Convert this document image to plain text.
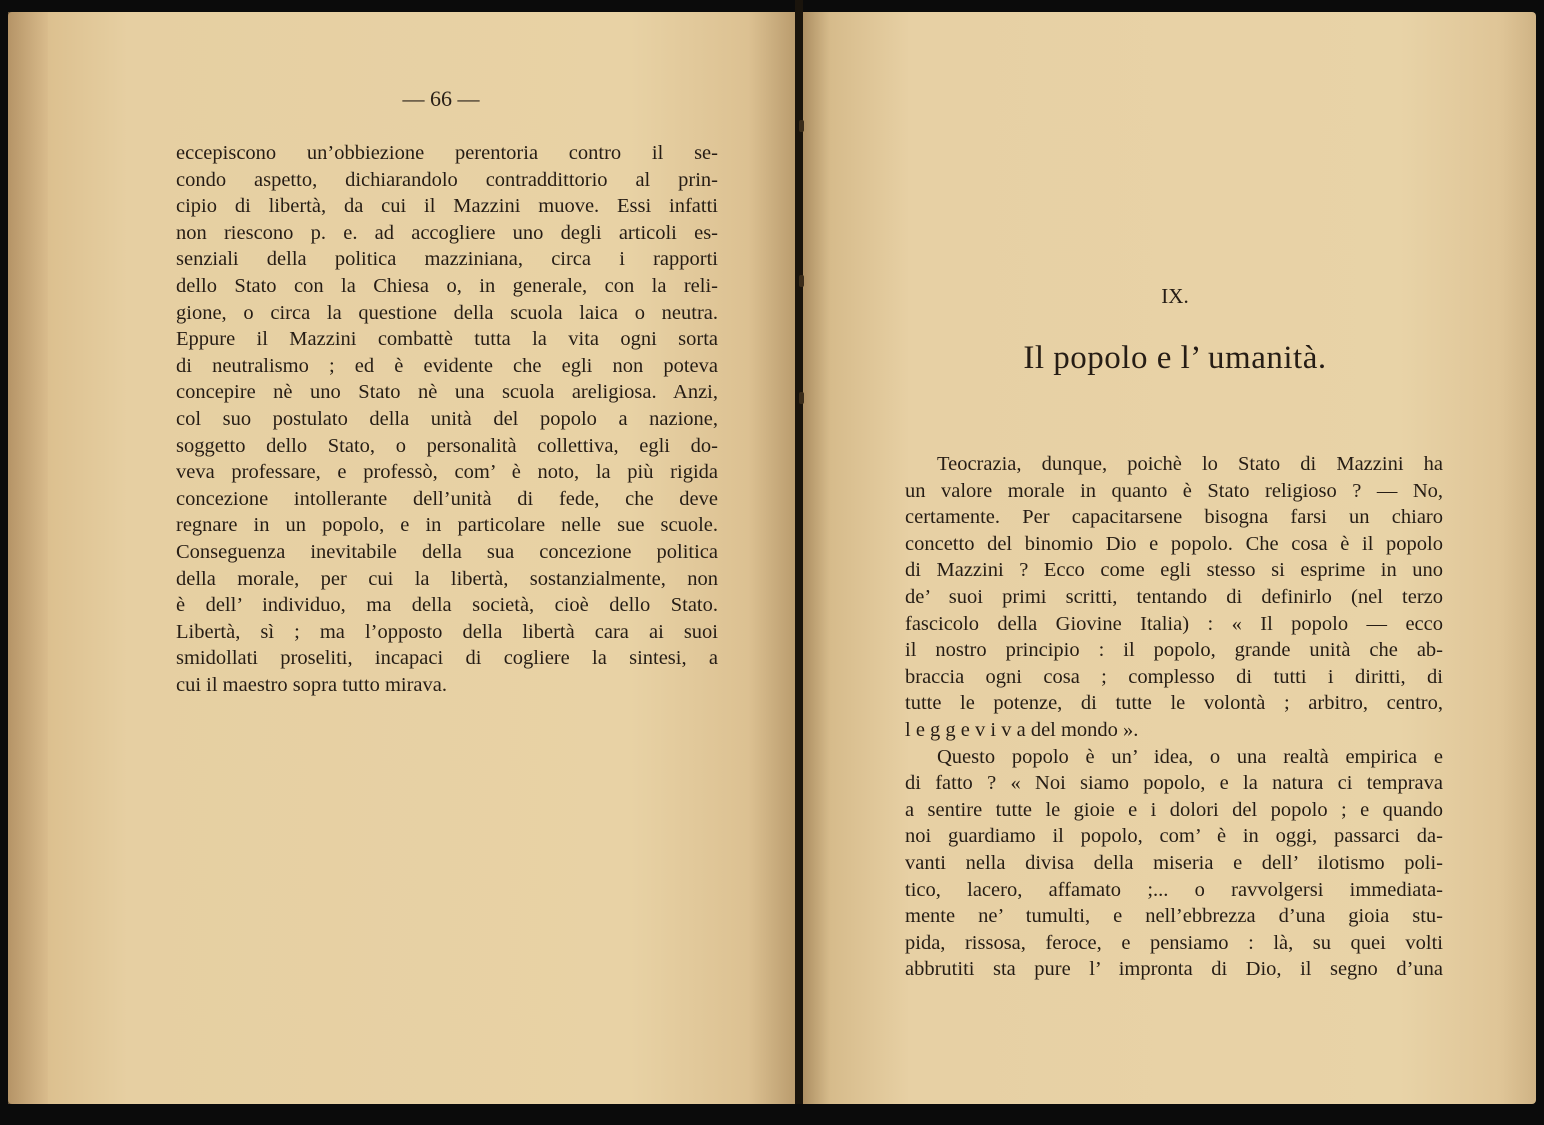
— 66 —
eccepiscono un’obbiezione perentoria contro il se-
condo aspetto, dichiarandolo contraddittorio al prin-
cipio di libertà, da cui il Mazzini muove. Essi infatti
non riescono p. e. ad accogliere uno degli articoli es-
senziali della politica mazziniana, circa i rapporti
dello Stato con la Chiesa o, in generale, con la reli-
gione, o circa la questione della scuola laica o neutra.
Eppure il Mazzini combattè tutta la vita ogni sorta
di neutralismo ; ed è evidente che egli non poteva
concepire nè uno Stato nè una scuola areligiosa. Anzi,
col suo postulato della unità del popolo a nazione,
soggetto dello Stato, o personalità collettiva, egli do-
veva professare, e professò, com’ è noto, la più rigida
concezione intollerante dell’unità di fede, che deve
regnare in un popolo, e in particolare nelle sue scuole.
Conseguenza inevitabile della sua concezione politica
della morale, per cui la libertà, sostanzialmente, non
è dell’ individuo, ma della società, cioè dello Stato.
Libertà, sì ; ma l’opposto della libertà cara ai suoi
smidollati proseliti, incapaci di cogliere la sintesi, a
cui il maestro sopra tutto mirava.
IX.
Il popolo e l’ umanità.
Teocrazia, dunque, poichè lo Stato di Mazzini ha
un valore morale in quanto è Stato religioso ? — No,
certamente. Per capacitarsene bisogna farsi un chiaro
concetto del binomio Dio e popolo. Che cosa è il popolo
di Mazzini ? Ecco come egli stesso si esprime in uno
de’ suoi primi scritti, tentando di definirlo (nel terzo
fascicolo della Giovine Italia) : « Il popolo — ecco
il nostro principio : il popolo, grande unità che ab-
braccia ogni cosa ; complesso di tutti i diritti, di
tutte le potenze, di tutte le volontà ; arbitro, centro,
l e g g e v i v a del mondo ».
Questo popolo è un’ idea, o una realtà empirica e
di fatto ? « Noi siamo popolo, e la natura ci temprava
a sentire tutte le gioie e i dolori del popolo ; e quando
noi guardiamo il popolo, com’ è in oggi, passarci da-
vanti nella divisa della miseria e dell’ ilotismo poli-
tico, lacero, affamato ;... o ravvolgersi immediata-
mente ne’ tumulti, e nell’ebbrezza d’una gioia stu-
pida, rissosa, feroce, e pensiamo : là, su quei volti
abbrutiti sta pure l’ impronta di Dio, il segno d’una
